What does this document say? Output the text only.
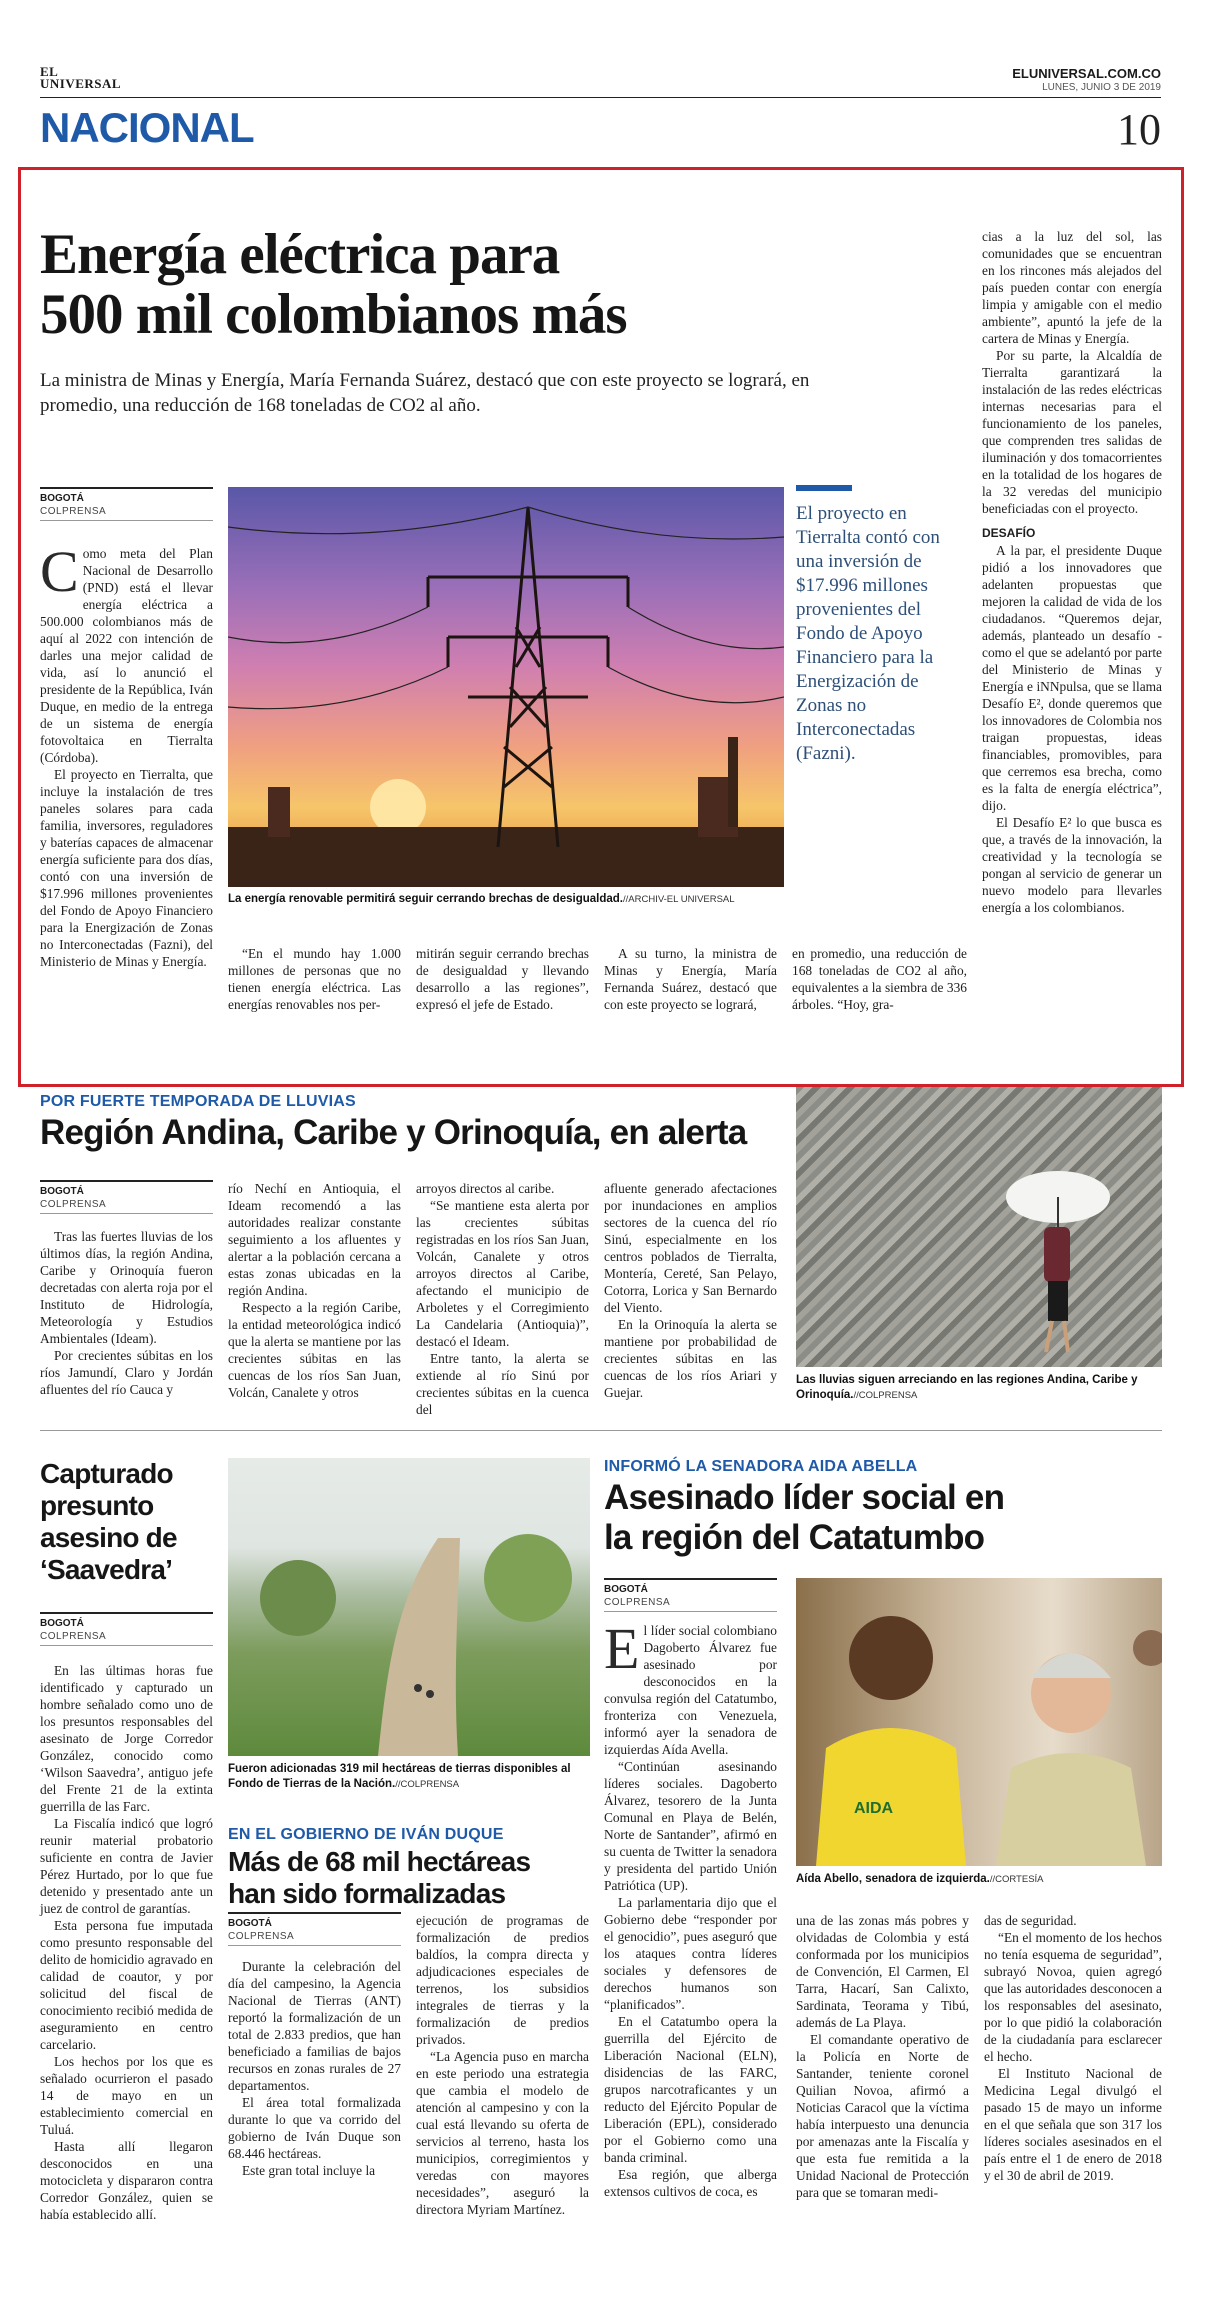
EL
UNIVERSAL
ELUNIVERSAL.COM.CO
LUNES, JUNIO 3 DE 2019
NACIONAL	10
Energía eléctrica para
500 mil colombianos más
La ministra de Minas y Energía, María Fernanda Suárez, destacó que con este proyecto se logrará, en promedio, una reducción de 168 toneladas de CO2 al año.
BOGOTÁ
COLPRENSA

Como meta del Plan Nacional de Desarrollo (PND) está el llevar energía eléctrica a 500.000 colombianos más de aquí al 2022 con intención de darles una mejor calidad de vida, así lo anunció el presidente de la República, Iván Duque, en medio de la entrega de un sistema de energía fotovoltaica en Tierralta (Córdoba).

El proyecto en Tierralta, que incluye la instalación de tres paneles solares para cada familia, inversores, reguladores y baterías capaces de almacenar energía suficiente para dos días, contó con una inversión de $17.996 millones provenientes del Fondo de Apoyo Financiero para la Energización de Zonas no Interconectadas (Fazni), del Ministerio de Minas y Energía.

La energía renovable permitirá seguir cerrando brechas de desigualdad.//ARCHIV-EL UNIVERSAL

“En el mundo hay 1.000 millones de personas que no tienen energía eléctrica. Las energías renovables nos per-

mitirán seguir cerrando brechas de desigualdad y llevando desarrollo a las regiones”, expresó el jefe de Estado.

A su turno, la ministra de Minas y Energía, María Fernanda Suárez, destacó que con este proyecto se logrará,

en promedio, una reducción de 168 toneladas de CO2 al año, equivalentes a la siembra de 336 árboles. “Hoy, gra-

El proyecto en Tierralta contó con una inversión de $17.996 millones provenientes del Fondo de Apoyo Financiero para la Energización de Zonas no Interconectadas (Fazni).

cias a la luz del sol, las comunidades que se encuentran en los rincones más alejados del país pueden contar con energía limpia y amigable con el medio ambiente”, apuntó la jefe de la cartera de Minas y Energía.

Por su parte, la Alcaldía de Tierralta garantizará la instalación de las redes eléctricas internas necesarias para el funcionamiento de los paneles, que comprenden tres salidas de iluminación y dos tomacorrientes en la totalidad de los hogares de la 32 veredas del municipio beneficiadas con el proyecto.

DESAFÍO

A la par, el presidente Duque pidió a los innovadores que adelanten propuestas que mejoren la calidad de vida de los ciudadanos. “Queremos dejar, además, planteado un desafío -como el que se adelantó por parte del Ministerio de Minas y Energía e iNNpulsa, que se llama Desafío E², donde queremos que los innovadores de Colombia nos traigan propuestas, ideas financiables, promovibles, para que cerremos esa brecha, como es la falta de energía eléctrica”, dijo.

El Desafío E² lo que busca es que, a través de la innovación, la creatividad y la tecnología se pongan al servicio de generar un nuevo modelo para llevarles energía a los colombianos.

POR FUERTE TEMPORADA DE LLUVIAS
Región Andina, Caribe y Orinoquía, en alerta
BOGOTÁ
COLPRENSA

Tras las fuertes lluvias de los últimos días, la región Andina, Caribe y Orinoquía fueron decretadas con alerta roja por el Instituto de Hidrología, Meteorología y Estudios Ambientales (Ideam).

Por crecientes súbitas en los ríos Jamundí, Claro y Jordán afluentes del río Cauca y

río Nechí en Antioquia, el Ideam recomendó a las autoridades realizar constante seguimiento a los afluentes y alertar a la población cercana a estas zonas ubicadas en la región Andina.

Respecto a la región Caribe, la entidad meteorológica indicó que la alerta se mantiene por las crecientes súbitas en las cuencas de los ríos San Juan, Volcán, Canalete y otros

arroyos directos al caribe.

“Se mantiene esta alerta por las crecientes súbitas registradas en los ríos San Juan, Volcán, Canalete y otros arroyos directos al Caribe, afectando el municipio de Arboletes y el Corregimiento La Candelaria (Antioquia)”, destacó el Ideam.

Entre tanto, la alerta se extiende al río Sinú por crecientes súbitas en la cuenca del

afluente generado afectaciones por inundaciones en amplios sectores de la cuenca del río Sinú, especialmente en los centros poblados de Tierralta, Montería, Cereté, San Pelayo, Cotorra, Lorica y San Bernardo del Viento.

En la Orinoquía la alerta se mantiene por probabilidad de crecientes súbitas en las cuencas de los ríos Ariari y Guejar.

Las lluvias siguen arreciando en las regiones Andina, Caribe y Orinoquía.//COLPRENSA
Capturado
presunto
asesino de
‘Saavedra’
BOGOTÁ
COLPRENSA

En las últimas horas fue identificado y capturado un hombre señalado como uno de los presuntos responsables del asesinato de Jorge Corredor González, conocido como ‘Wilson Saavedra’, antiguo jefe del Frente 21 de la extinta guerrilla de las Farc.

La Fiscalía indicó que logró reunir material probatorio suficiente en contra de Javier Pérez Hurtado, por lo que fue detenido y presentado ante un juez de control de garantías.

Esta persona fue imputada como presunto responsable del delito de homicidio agravado en calidad de coautor, y por solicitud del fiscal de conocimiento recibió medida de aseguramiento en centro carcelario.

Los hechos por los que es señalado ocurrieron el pasado 14 de mayo en un establecimiento comercial en Tuluá.

Hasta allí llegaron desconocidos en una motocicleta y dispararon contra Corredor González, quien se había establecido allí.

Fueron adicionadas 319 mil hectáreas de tierras disponibles al Fondo de Tierras de la Nación.//COLPRENSA
EN EL GOBIERNO DE IVÁN DUQUE
Más de 68 mil hectáreas
han sido formalizadas
BOGOTÁ
COLPRENSA

Durante la celebración del día del campesino, la Agencia Nacional de Tierras (ANT) reportó la formalización de un total de 2.833 predios, que han beneficiado a familias de bajos recursos en zonas rurales de 27 departamentos.

El área total formalizada durante lo que va corrido del gobierno de Iván Duque son 68.446 hectáreas.

Este gran total incluye la

ejecución de programas de formalización de predios baldíos, la compra directa y adjudicaciones especiales de terrenos, los subsidios integrales de tierras y la formalización de predios privados.

“La Agencia puso en marcha en este periodo una estrategia que cambia el modelo de atención al campesino y con la cual está llevando su oferta de servicios al terreno, hasta los municipios, corregimientos y veredas con mayores necesidades”, aseguró la directora Myriam Martínez.

INFORMÓ LA SENADORA AIDA ABELLA
Asesinado líder social en
la región del Catatumbo
BOGOTÁ
COLPRENSA

El líder social colombiano Dagoberto Álvarez fue asesinado por desconocidos en la convulsa región del Catatumbo, fronteriza con Venezuela, informó ayer la senadora de izquierdas Aída Avella.

“Continúan asesinando líderes sociales. Dagoberto Álvarez, tesorero de la Junta Comunal en Playa de Belén, Norte de Santander”, afirmó en su cuenta de Twitter la senadora y presidenta del partido Unión Patriótica (UP).

La parlamentaria dijo que el Gobierno debe “responder por el genocidio”, pues aseguró que los ataques contra líderes sociales y defensores de derechos humanos son “planificados”.

En el Catatumbo opera la guerrilla del Ejército de Liberación Nacional (ELN), disidencias de las FARC, grupos narcotraficantes y un reducto del Ejército Popular de Liberación (EPL), considerado por el Gobierno como una banda criminal.

Esa región, que alberga extensos cultivos de coca, es

AIDA
Aída Abello, senadora de izquierda.//CORTESÍA

una de las zonas más pobres y olvidadas de Colombia y está conformada por los municipios de Convención, El Carmen, El Tarra, Hacarí, San Calixto, Sardinata, Teorama y Tibú, además de La Playa.

El comandante operativo de la Policía en Norte de Santander, teniente coronel Quilian Novoa, afirmó a Noticias Caracol que la víctima había interpuesto una denuncia por amenazas ante la Fiscalía y que esta fue remitida a la Unidad Nacional de Protección para que se tomaran medi-

das de seguridad.

“En el momento de los hechos no tenía esquema de seguridad”, subrayó Novoa, quien agregó que las autoridades desconocen a los responsables del asesinato, por lo que pidió la colaboración de la ciudadanía para esclarecer el hecho.

El Instituto Nacional de Medicina Legal divulgó el pasado 15 de mayo un informe en el que señala que son 317 los líderes sociales asesinados en el país entre el 1 de enero de 2018 y el 30 de abril de 2019.
